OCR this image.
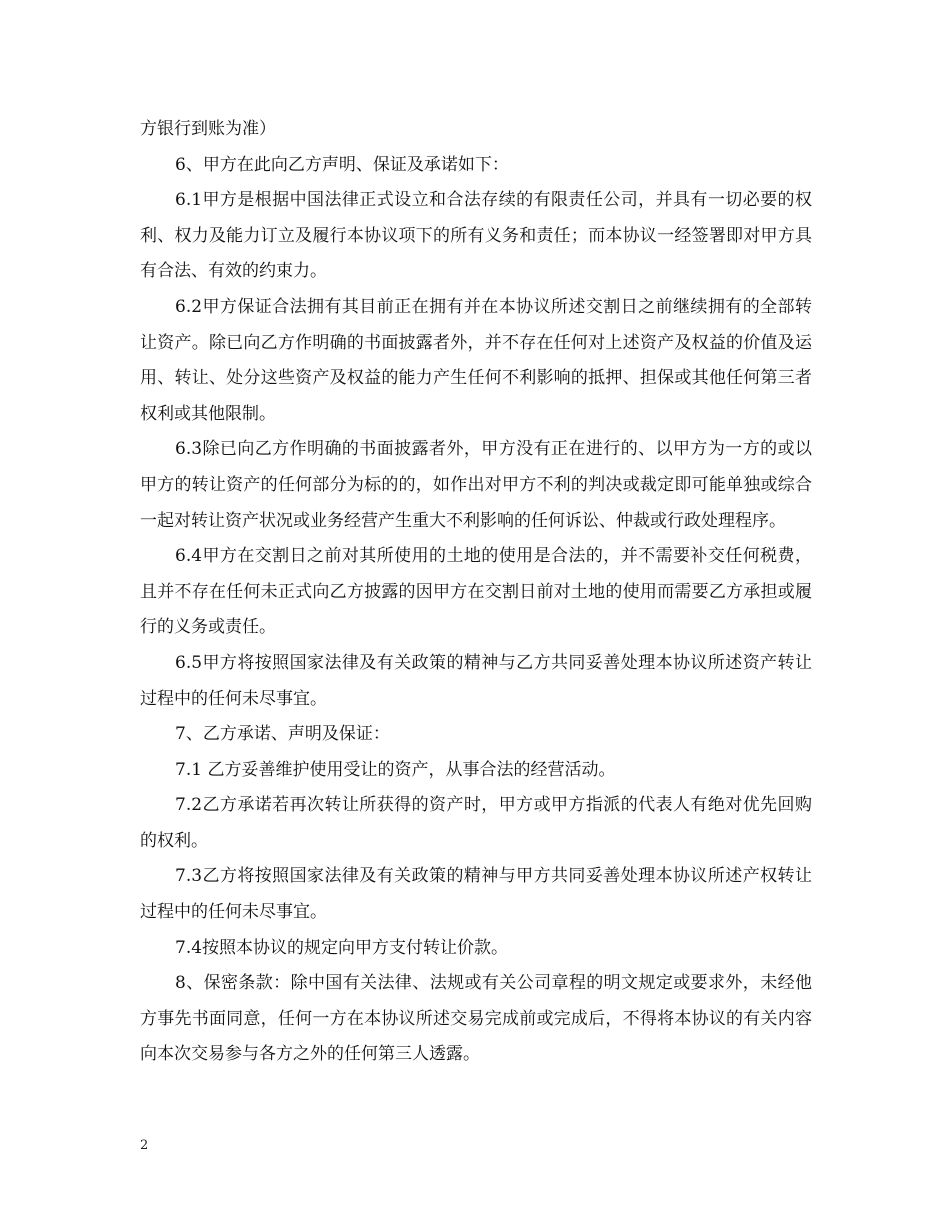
方银行到账为准）

6、甲方在此向乙方声明、保证及承诺如下：

6.1甲方是根据中国法律正式设立和合法存续的有限责任公司，并具有一切必要的权利、权力及能力订立及履行本协议项下的所有义务和责任；而本协议一经签署即对甲方具有合法、有效的约束力。

6.2甲方保证合法拥有其目前正在拥有并在本协议所述交割日之前继续拥有的全部转让资产。除已向乙方作明确的书面披露者外，并不存在任何对上述资产及权益的价值及运用、转让、处分这些资产及权益的能力产生任何不利影响的抵押、担保或其他任何第三者权利或其他限制。

6.3除已向乙方作明确的书面披露者外，甲方没有正在进行的、以甲方为一方的或以甲方的转让资产的任何部分为标的的，如作出对甲方不利的判决或裁定即可能单独或综合一起对转让资产状况或业务经营产生重大不利影响的任何诉讼、仲裁或行政处理程序。

6.4甲方在交割日之前对其所使用的土地的使用是合法的，并不需要补交任何税费，且并不存在任何未正式向乙方披露的因甲方在交割日前对土地的使用而需要乙方承担或履行的义务或责任。

6.5甲方将按照国家法律及有关政策的精神与乙方共同妥善处理本协议所述资产转让过程中的任何未尽事宜。

7、乙方承诺、声明及保证：

7.1 乙方妥善维护使用受让的资产，从事合法的经营活动。

7.2乙方承诺若再次转让所获得的资产时，甲方或甲方指派的代表人有绝对优先回购的权利。

7.3乙方将按照国家法律及有关政策的精神与甲方共同妥善处理本协议所述产权转让过程中的任何未尽事宜。

7.4按照本协议的规定向甲方支付转让价款。

8、保密条款：除中国有关法律、法规或有关公司章程的明文规定或要求外，未经他方事先书面同意，任何一方在本协议所述交易完成前或完成后，不得将本协议的有关内容向本次交易参与各方之外的任何第三人透露。

2
